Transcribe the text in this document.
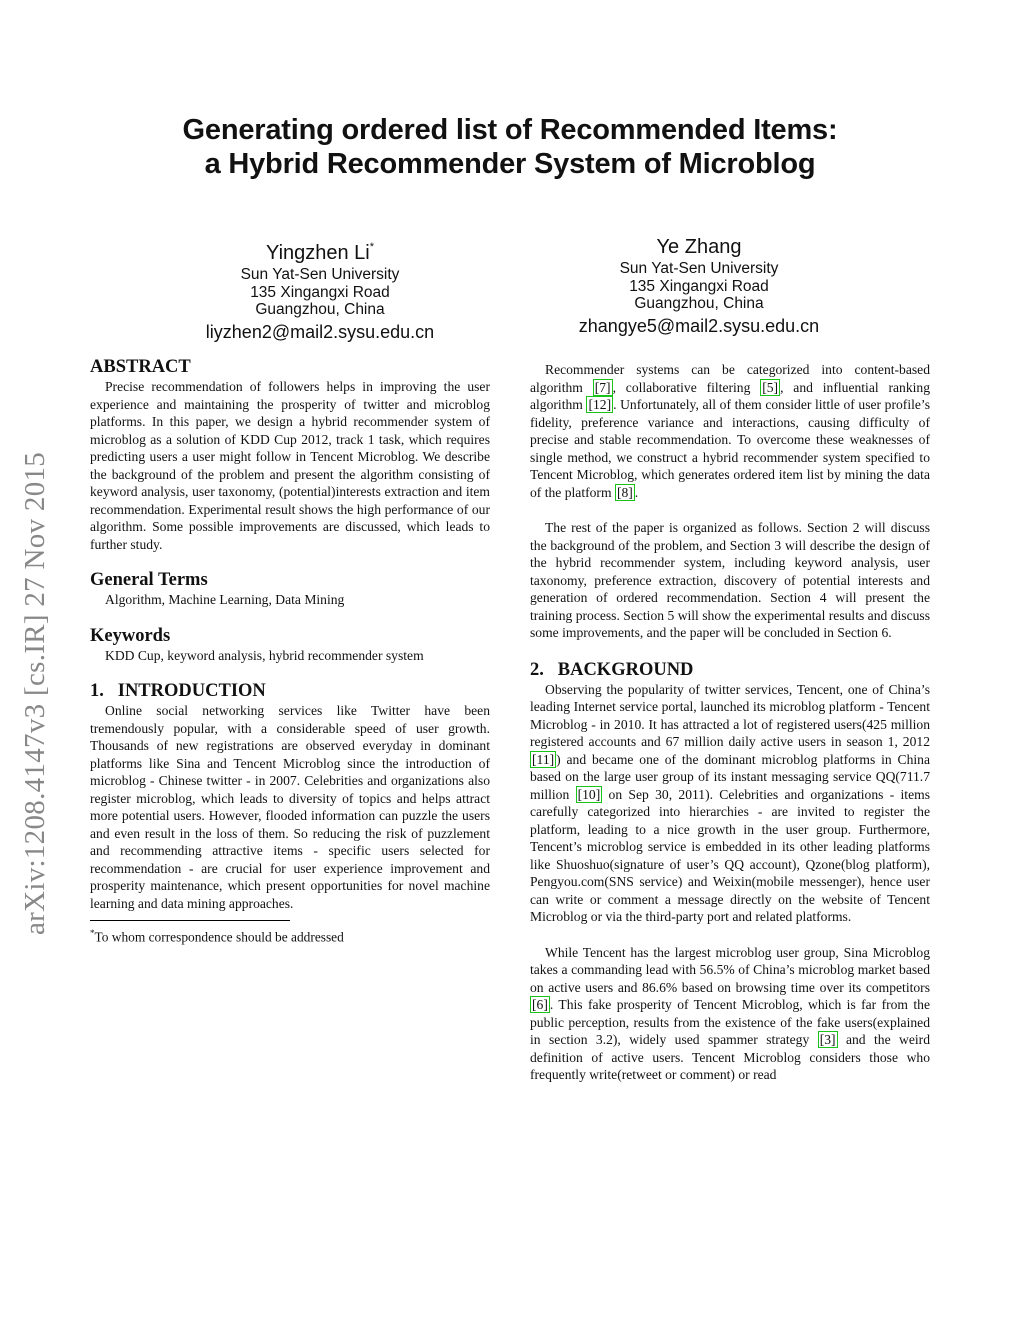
Generating ordered list of Recommended Items:
a Hybrid Recommender System of Microblog
Yingzhen Li*
Sun Yat-Sen University
135 Xingangxi Road
Guangzhou, China
liyzhen2@mail2.sysu.edu.cn
Ye Zhang
Sun Yat-Sen University
135 Xingangxi Road
Guangzhou, China
zhangye5@mail2.sysu.edu.cn
arXiv:1208.4147v3 [cs.IR] 27 Nov 2015
ABSTRACT

Precise recommendation of followers helps in improving the user experience and maintaining the prosperity of twitter and microblog platforms. In this paper, we design a hybrid recommender system of microblog as a solution of KDD Cup 2012, track 1 task, which requires predicting users a user might follow in Tencent Microblog. We describe the background of the problem and present the algorithm consisting of keyword analysis, user taxonomy, (potential)interests extraction and item recommendation. Experimental result shows the high performance of our algorithm. Some possible improvements are discussed, which leads to further study.

General Terms

Algorithm, Machine Learning, Data Mining

Keywords

KDD Cup, keyword analysis, hybrid recommender system

1.   INTRODUCTION

Online social networking services like Twitter have been tremendously popular, with a considerable speed of user growth. Thousands of new registrations are observed everyday in dominant platforms like Sina and Tencent Microblog since the introduction of microblog - Chinese twitter - in 2007. Celebrities and organizations also register microblog, which leads to diversity of topics and helps attract more potential users. However, flooded information can puzzle the users and even result in the loss of them. So reducing the risk of puzzlement and recommending attractive items - specific users selected for recommendation - are crucial for user experience improvement and prosperity maintenance, which present opportunities for novel machine learning and data mining approaches.

*To whom correspondence should be addressed

Recommender systems can be categorized into content-based algorithm [7] , collaborative filtering [5] , and influential ranking algorithm [12] . Unfortunately, all of them consider little of user profile’s fidelity, preference variance and interactions, causing difficulty of precise and stable recommendation. To overcome these weaknesses of single method, we construct a hybrid recommender system specified to Tencent Microblog, which generates ordered item list by mining the data of the platform [8] .

The rest of the paper is organized as follows. Section 2 will discuss the background of the problem, and Section 3 will describe the design of the hybrid recommender system, including keyword analysis, user taxonomy, preference extraction, discovery of potential interests and generation of ordered recommendation. Section 4 will present the training process. Section 5 will show the experimental results and discuss some improvements, and the paper will be concluded in Section 6.

2.   BACKGROUND

Observing the popularity of twitter services, Tencent, one of China’s leading Internet service portal, launched its microblog platform - Tencent Microblog - in 2010. It has attracted a lot of registered users(425 million registered accounts and 67 million daily active users in season 1, 2012 [11] ) and became one of the dominant microblog platforms in China based on the large user group of its instant messaging service QQ(711.7 million [10] on Sep 30, 2011). Celebrities and organizations - items carefully categorized into hierarchies - are invited to register the platform, leading to a nice growth in the user group. Furthermore, Tencent’s microblog service is embedded in its other leading platforms like Shuoshuo(signature of user’s QQ account), Qzone(blog platform), Pengyou.com(SNS service) and Weixin(mobile messenger), hence user can write or comment a message directly on the website of Tencent Microblog or via the third-party port and related platforms.

While Tencent has the largest microblog user group, Sina Microblog takes a commanding lead with 56.5% of China’s microblog market based on active users and 86.6% based on browsing time over its competitors [6] . This fake prosperity of Tencent Microblog, which is far from the public perception, results from the existence of the fake users(explained in section 3.2), widely used spammer strategy [3] and the weird definition of active users. Tencent Microblog considers those who frequently write(retweet or comment) or read
